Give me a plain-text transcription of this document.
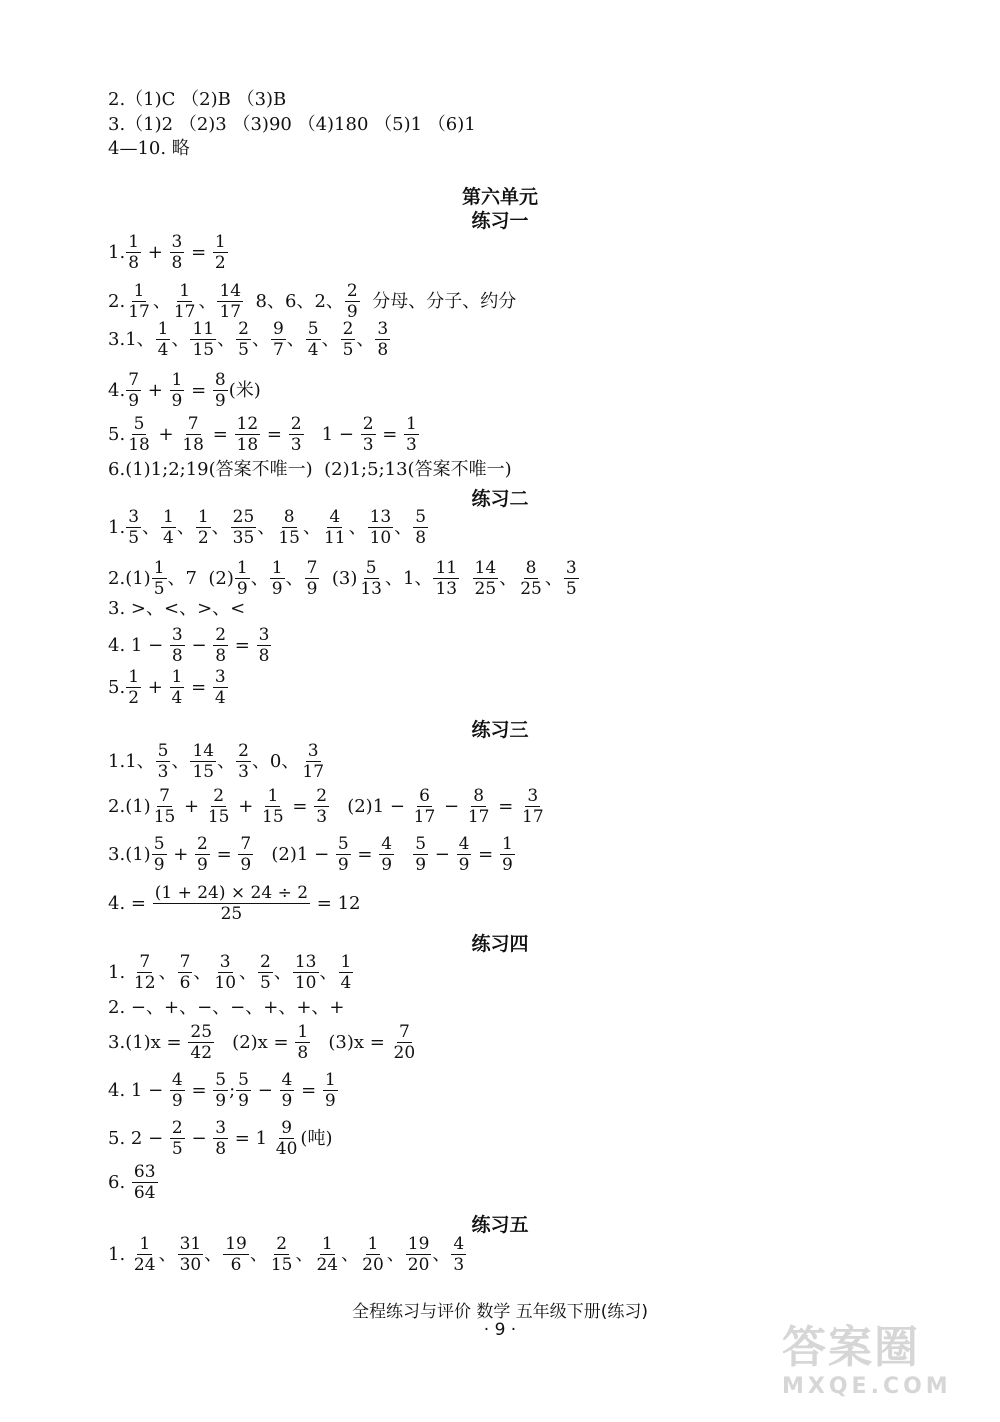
2.（1)C （2)B （3)B
3.（1)2 （2)3 （3)90 （4)180 （5)1 （6)1
4—10. 略
第六单元
练习一
1. $\frac{1}{8} + \frac{3}{8} = \frac{1}{2}$
2. $\frac{1}{17}$ 、 $\frac{1}{17}$ 、 $\frac{14}{17} 8$、6、2、 $\frac{2}{9}$ 分母、分子、约分
3. 1、 $\frac{1}{4}$ 、 $\frac{11}{15}$ 、 $\frac{2}{5}$ 、 $\frac{9}{7}$ 、 $\frac{5}{4}$ 、 $\frac{2}{5}$ 、 $\frac{3}{8}$
4. $\frac{7}{9} + \frac{1}{9} = \frac{8}{9}$ (米)
5. $\frac{5}{18} + \frac{7}{18} = \frac{12}{18} = \frac{2}{3} 1 - \frac{2}{3} = \frac{1}{3}$
6. (1)1;2;19(答案不唯一)  (2)1;5;13(答案不唯一)
练习二
1. $\frac{3}{5}$ 、 $\frac{1}{4}$ 、 $\frac{1}{2}$ 、 $\frac{25}{35}$ 、 $\frac{8}{15}$ 、 $\frac{4}{11}$ 、 $\frac{13}{10}$ 、 $\frac{5}{8}$
2. $(1) \frac{1}{5}$ 、7  $(2) \frac{1}{9}$ 、 $\frac{1}{9}$ 、 $\frac{7}{9} (3) \frac{5}{13}$ 、1、 $\frac{11}{13}$
$\frac{14}{25}$ 、 $\frac{8}{25}$ 、 $\frac{3}{5}$
3. >、<、>、<
4. $1 - \frac{3}{8} - \frac{2}{8} = \frac{3}{8}$
5. $\frac{1}{2} + \frac{1}{4} = \frac{3}{4}$
练习三
1. 1、 $\frac{5}{3}$ 、 $\frac{14}{15}$ 、 $\frac{2}{3}$ 、0、 $\frac{3}{17}$
2. $(1) \frac{7}{15} + \frac{2}{15} + \frac{1}{15} = \frac{2}{3} (2)1 - \frac{6}{17} - \frac{8}{17} = \frac{3}{17}$
3. $(1) \frac{5}{9} + \frac{2}{9} = \frac{7}{9} (2)1 - \frac{5}{9} = \frac{4}{9}$
$\frac{5}{9} - \frac{4}{9} = \frac{1}{9}$
4. = $\frac{(1 + 24) \times 24 \div 2}{25} = 12$
练习四
1.
$\frac{7}{12}$ 、 $\frac{7}{6}$ 、 $\frac{3}{10}$ 、 $\frac{2}{5}$ 、 $\frac{13}{10}$ 、 $\frac{1}{4}$
2. −、+、−、−、+、+、+
3. $(1)x = \frac{25}{42} (2)x = \frac{1}{8} (3)x = \frac{7}{20}$
4. $1 - \frac{4}{9} = \frac{5}{9}$ ; $\frac{5}{9} - \frac{4}{9} = \frac{1}{9}$
5. $2 - \frac{2}{5} - \frac{3}{8} = 1 \frac{9}{40}$ (吨)
6.
$\frac{63}{64}$
练习五
1.
$\frac{1}{24}$ 、 $\frac{31}{30}$ 、 $\frac{19}{6}$ 、 $\frac{2}{15}$ 、 $\frac{1}{24}$ 、 $\frac{1}{20}$ 、 $\frac{19}{20}$ 、 $\frac{4}{3}$
全程练习与评价 数学 五年级下册(练习)
· 9 ·	答案圈
MXQE.COM
